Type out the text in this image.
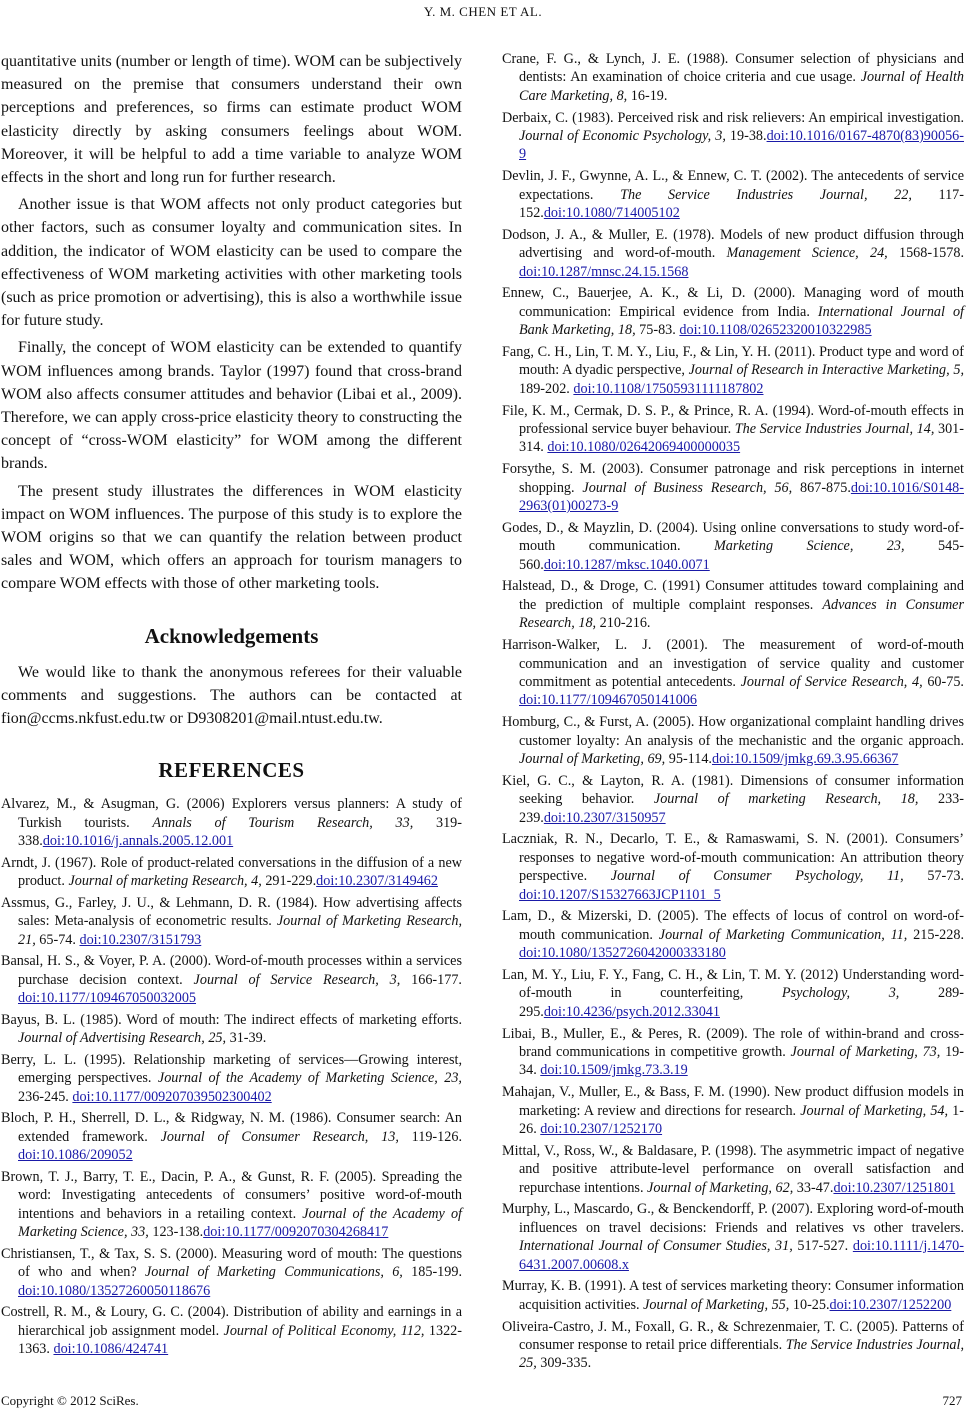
Y. M. CHEN ET AL.

quantitative units (number or length of time). WOM can be subjectively measured on the premise that consumers understand their own perceptions and preferences, so firms can estimate product WOM elasticity directly by asking consumers feelings about WOM. Moreover, it will be helpful to add a time variable to analyze WOM effects in the short and long run for further research.

Another issue is that WOM affects not only product categories but other factors, such as consumer loyalty and communication sites. In addition, the indicator of WOM elasticity can be used to compare the effectiveness of WOM marketing activities with other marketing tools (such as price promotion or advertising), this is also a worthwhile issue for future study.

Finally, the concept of WOM elasticity can be extended to quantify WOM influences among brands. Taylor (1997) found that cross-brand WOM also affects consumer attitudes and behavior (Libai et al., 2009). Therefore, we can apply cross-price elasticity theory to constructing the concept of “cross-WOM elasticity” for WOM among the different brands.

The present study illustrates the differences in WOM elasticity impact on WOM influences. The purpose of this study is to explore the WOM origins so that we can quantify the relation between product sales and WOM, which offers an approach for tourism managers to compare WOM effects with those of other marketing tools.

Acknowledgements

We would like to thank the anonymous referees for their valuable comments and suggestions. The authors can be contacted at fion@ccms.nkfust.edu.tw or D9308201@mail.ntust.edu.tw.

REFERENCES

Alvarez, M., & Asugman, G. (2006) Explorers versus planners: A study of Turkish tourists. Annals of Tourism Research, 33, 319-338.doi:10.1016/j.annals.2005.12.001

Arndt, J. (1967). Role of product-related conversations in the diffusion of a new product. Journal of marketing Research, 4, 291-229.doi:10.2307/3149462

Assmus, G., Farley, J. U., & Lehmann, D. R. (1984). How advertising affects sales: Meta-analysis of econometric results. Journal of Marketing Research, 21, 65-74. doi:10.2307/3151793

Bansal, H. S., & Voyer, P. A. (2000). Word-of-mouth processes within a services purchase decision context. Journal of Service Research, 3, 166-177. doi:10.1177/109467050032005

Bayus, B. L. (1985). Word of mouth: The indirect effects of marketing efforts. Journal of Advertising Research, 25, 31-39.

Berry, L. L. (1995). Relationship marketing of services—Growing interest, emerging perspectives. Journal of the Academy of Marketing Science, 23, 236-245. doi:10.1177/009207039502300402

Bloch, P. H., Sherrell, D. L., & Ridgway, N. M. (1986). Consumer search: An extended framework. Journal of Consumer Research, 13, 119-126. doi:10.1086/209052

Brown, T. J., Barry, T. E., Dacin, P. A., & Gunst, R. F. (2005). Spreading the word: Investigating antecedents of consumers’ positive word-of-mouth intentions and behaviors in a retailing context. Journal of the Academy of Marketing Science, 33, 123-138.doi:10.1177/0092070304268417

Christiansen, T., & Tax, S. S. (2000). Measuring word of mouth: The questions of who and when? Journal of Marketing Communications, 6, 185-199. doi:10.1080/13527260050118676

Costrell, R. M., & Loury, G. C. (2004). Distribution of ability and earnings in a hierarchical job assignment model. Journal of Political Economy, 112, 1322-1363. doi:10.1086/424741

Crane, F. G., & Lynch, J. E. (1988). Consumer selection of physicians and dentists: An examination of choice criteria and cue usage. Journal of Health Care Marketing, 8, 16-19.

Derbaix, C. (1983). Perceived risk and risk relievers: An empirical investigation. Journal of Economic Psychology, 3, 19-38.doi:10.1016/0167-4870(83)90056-9

Devlin, J. F., Gwynne, A. L., & Ennew, C. T. (2002). The antecedents of service expectations. The Service Industries Journal, 22, 117-152.doi:10.1080/714005102

Dodson, J. A., & Muller, E. (1978). Models of new product diffusion through advertising and word-of-mouth. Management Science, 24, 1568-1578. doi:10.1287/mnsc.24.15.1568

Ennew, C., Bauerjee, A. K., & Li, D. (2000). Managing word of mouth communication: Empirical evidence from India. International Journal of Bank Marketing, 18, 75-83. doi:10.1108/02652320010322985

Fang, C. H., Lin, T. M. Y., Liu, F., & Lin, Y. H. (2011). Product type and word of mouth: A dyadic perspective, Journal of Research in Interactive Marketing, 5, 189-202. doi:10.1108/17505931111187802

File, K. M., Cermak, D. S. P., & Prince, R. A. (1994). Word-of-mouth effects in professional service buyer behaviour. The Service Industries Journal, 14, 301-314. doi:10.1080/02642069400000035

Forsythe, S. M. (2003). Consumer patronage and risk perceptions in internet shopping. Journal of Business Research, 56, 867-875.doi:10.1016/S0148-2963(01)00273-9

Godes, D., & Mayzlin, D. (2004). Using online conversations to study word-of-mouth communication. Marketing Science, 23, 545-560.doi:10.1287/mksc.1040.0071

Halstead, D., & Droge, C. (1991) Consumer attitudes toward complaining and the prediction of multiple complaint responses. Advances in Consumer Research, 18, 210-216.

Harrison-Walker, L. J. (2001). The measurement of word-of-mouth communication and an investigation of service quality and customer commitment as potential antecedents. Journal of Service Research, 4, 60-75. doi:10.1177/109467050141006

Homburg, C., & Furst, A. (2005). How organizational complaint handling drives customer loyalty: An analysis of the mechanistic and the organic approach. Journal of Marketing, 69, 95-114.doi:10.1509/jmkg.69.3.95.66367

Kiel, G. C., & Layton, R. A. (1981). Dimensions of consumer information seeking behavior. Journal of marketing Research, 18, 233-239.doi:10.2307/3150957

Laczniak, R. N., Decarlo, T. E., & Ramaswami, S. N. (2001). Consumers’ responses to negative word-of-mouth communication: An attribution theory perspective. Journal of Consumer Psychology, 11, 57-73. doi:10.1207/S15327663JCP1101_5

Lam, D., & Mizerski, D. (2005). The effects of locus of control on word-of-mouth communication. Journal of Marketing Communication, 11, 215-228. doi:10.1080/1352726042000333180

Lan, M. Y., Liu, F. Y., Fang, C. H., & Lin, T. M. Y. (2012) Understanding word-of-mouth in counterfeiting, Psychology, 3, 289-295.doi:10.4236/psych.2012.33041

Libai, B., Muller, E., & Peres, R. (2009). The role of within-brand and cross-brand communications in competitive growth. Journal of Marketing, 73, 19-34. doi:10.1509/jmkg.73.3.19

Mahajan, V., Muller, E., & Bass, F. M. (1990). New product diffusion models in marketing: A review and directions for research. Journal of Marketing, 54, 1-26. doi:10.2307/1252170

Mittal, V., Ross, W., & Baldasare, P. (1998). The asymmetric impact of negative and positive attribute-level performance on overall satisfaction and repurchase intentions. Journal of Marketing, 62, 33-47.doi:10.2307/1251801

Murphy, L., Mascardo, G., & Benckendorff, P. (2007). Exploring word-of-mouth influences on travel decisions: Friends and relatives vs other travelers. International Journal of Consumer Studies, 31, 517-527. doi:10.1111/j.1470-6431.2007.00608.x

Murray, K. B. (1991). A test of services marketing theory: Consumer information acquisition activities. Journal of Marketing, 55, 10-25.doi:10.2307/1252200

Oliveira-Castro, J. M., Foxall, G. R., & Schrezenmaier, T. C. (2005). Patterns of consumer response to retail price differentials. The Service Industries Journal, 25, 309-335.

Copyright © 2012 SciRes.	727
